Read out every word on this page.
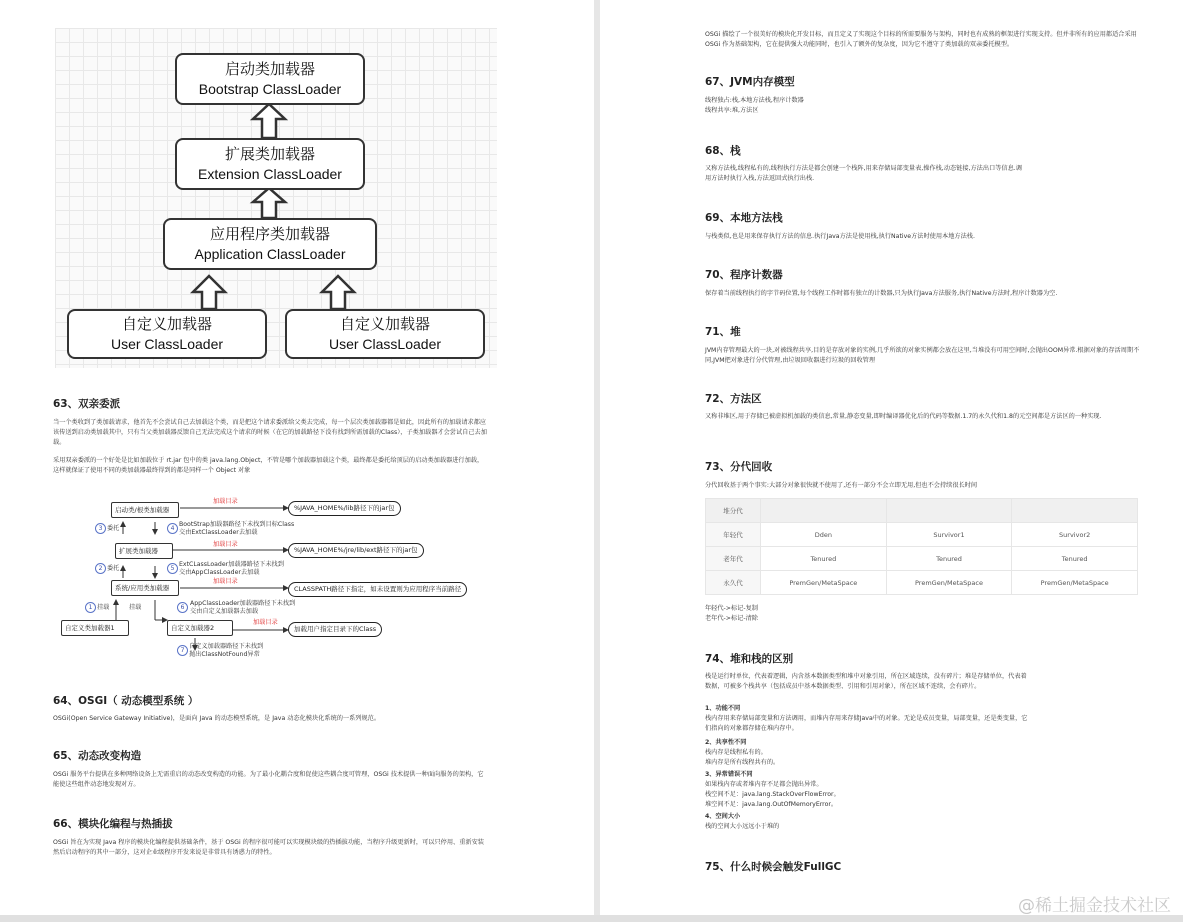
启动类加载器
Bootstrap ClassLoader
扩展类加载器
Extension ClassLoader
应用程序类加载器
Application ClassLoader
自定义加载器
User ClassLoader
自定义加载器
User ClassLoader
63、双亲委派

当一个类收到了类加载请求，他首先不会尝试自己去加载这个类，而是把这个请求委派给父类去完成，每一个层次类加载器都是如此，因此所有的加载请求都应该传送到启动类加载其中，只有当父类加载器反馈自己无法完成这个请求的时候（在它的加载路径下没有找到所需加载的Class），子类加载器才会尝试自己去加载。

采用双亲委派的一个好处是比如加载位于 rt.jar 包中的类 java.lang.Object，不管是哪个加载器加载这个类，最终都是委托给顶层的启动类加载器进行加载，这样就保证了使用不同的类加载器最终得到的都是同样一个 Object 对象

启动类/根类加载器
扩展类加载器
系统/应用类加载器
自定义类加载器1	自定义加载器2
加载目录
加载目录
加载目录
加载目录
%JAVA_HOME%/lib路径下的jar包
%JAVA_HOME%/jre/lib/ext路径下的jar包
CLASSPATH路径下指定，如未设置则为应用程序当前路径
加载用户指定目录下的Class
3 委托
2 委托
1 挂载	挂载
4
BootStrap加载器路径下未找到目标Class
交由ExtClassLoader去加载
5
ExtCLassLoader加载器路径下未找到
交由AppClassLoader去加载
6
AppClassLoader加载器路径下未找到
交由自定义加载器去加载
7
自定义加载器路径下未找到
抛出ClassNotFound异常
64、OSGI（ 动态模型系统 ）

OSGi(Open Service Gateway Initiative)，是面向 Java 的动态模型系统，是 Java 动态化模块化系统的一系列规范。

65、动态改变构造

OSGi 服务平台提供在多种网络设备上无需重启的动态改变构造的功能。为了最小化耦合度和促使这些耦合度可管理，OSGi 技术提供一种面向服务的架构，它能使这些组件动态地发现对方。

66、模块化编程与热插拔

OSGi 旨在为实现 Java 程序的模块化编程提供基础条件，基于 OSGi 的程序很可能可以实现模块级的热插拔功能，当程序升级更新时，可以只停用、重新安装然后启动程序的其中一部分，这对企业级程序开发来说是非常具有诱惑力的特性。

OSGi 描绘了一个很美好的模块化开发目标，而且定义了实现这个目标的所需要服务与架构，同时也有成熟的框架进行实现支持。但并非所有的应用都适合采用 OSGi 作为基础架构，它在提供强大功能同时，也引入了额外的复杂度，因为它不遵守了类加载的双亲委托模型。

67、JVM内存模型

线程独占:栈,本地方法栈,程序计数器

线程共享:堆,方法区

68、栈

又称方法栈,线程私有的,线程执行方法是都会创建一个栈阵,用来存储局部变量表,操作栈,动态链接,方法出口等信息.调用方法时执行入栈,方法返回式执行出栈.

69、本地方法栈

与栈类似,也是用来保存执行方法的信息.执行Java方法是使用栈,执行Native方法时使用本地方法栈.

70、程序计数器

保存着当前线程执行的字节码位置,每个线程工作时都有独立的计数器,只为执行Java方法服务,执行Native方法时,程序计数器为空.

71、堆

JVM内存管理最大的一块,对被线程共享,目的是存放对象的实例,几乎所欲的对象实例都会放在这里,当堆没有可用空间时,会抛出OOM异常.根据对象的存活周期不同,JVM把对象进行分代管理,由垃圾回收器进行垃圾的回收管理

72、方法区

又称非堆区,用于存储已被虚拟机加载的类信息,常量,静态变量,即时编译器优化后的代码等数据.1.7的永久代和1.8的元空间都是方法区的一种实现.

73、分代回收

分代回收基于两个事实:大部分对象很快就不使用了,还有一部分不会立即无用,但也不会持续很长时间

堆分代			
年轻代	Dden	Survivor1	Survivor2
老年代	Tenured	Tenured	Tenured
永久代	PremGen/MetaSpace	PremGen/MetaSpace	PremGen/MetaSpace

年轻代->标记-复制

老年代->标记-清除

74、堆和栈的区别

栈是运行时单位，代表着逻辑，内含基本数据类型和堆中对象引用，所在区域连续，没有碎片；堆是存储单位，代表着数据，可被多个栈共享（包括成员中基本数据类型、引用和引用对象），所在区域不连续，会有碎片。

1、功能不同

栈内存用来存储局部变量和方法调用，而堆内存用来存储Java中的对象。无论是成员变量，局部变量，还是类变量，它们指向的对象都存储在堆内存中。

2、共享性不同

栈内存是线程私有的。

堆内存是所有线程共有的。

3、异常错误不同

如果栈内存或者堆内存不足都会抛出异常。

栈空间不足：java.lang.StackOverFlowError。

堆空间不足：java.lang.OutOfMemoryError。

4、空间大小

栈的空间大小远远小于堆的

75、什么时候会触发FullGC
@稀土掘金技术社区
